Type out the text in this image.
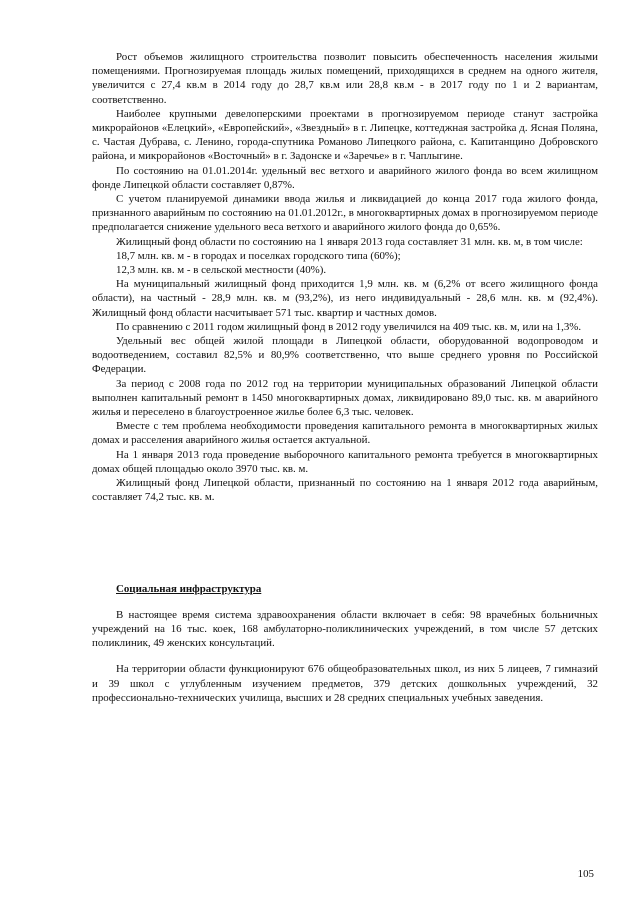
Рост объемов жилищного строительства позволит повысить обеспеченность населения жилыми помещениями. Прогнозируемая площадь жилых помещений, приходящихся в среднем на одного жителя, увеличится с 27,4 кв.м в 2014 году до 28,7 кв.м или 28,8 кв.м - в 2017 году по 1 и 2 вариантам, соответственно.

Наиболее крупными девелоперскими проектами в прогнозируемом периоде станут застройка микрорайонов «Елецкий», «Европейский», «Звездный» в г. Липецке, коттеджная застройка д. Ясная Поляна, с. Частая Дубрава, с. Ленино, города-спутника Романово Липецкого района, с. Капитанщино Добровского района, и микрорайонов «Восточный» в г. Задонске и «Заречье» в г. Чаплыгине.

По состоянию на 01.01.2014г. удельный вес ветхого и аварийного жилого фонда во всем жилищном фонде Липецкой области составляет 0,87%.

С учетом планируемой динамики ввода жилья и ликвидацией до конца 2017 года жилого фонда, признанного аварийным по состоянию на 01.01.2012г., в многоквартирных домах в прогнозируемом периоде предполагается снижение удельного веса ветхого и аварийного жилого фонда до 0,65%.

Жилищный фонд области по состоянию на 1 января 2013 года составляет 31 млн. кв. м, в том числе:

18,7 млн. кв. м - в городах и поселках городского типа (60%);

12,3 млн. кв. м - в сельской местности (40%).

На муниципальный жилищный фонд приходится 1,9 млн. кв. м (6,2% от всего жилищного фонда области), на частный - 28,9 млн. кв. м (93,2%), из него индивидуальный - 28,6 млн. кв. м (92,4%). Жилищный фонд области насчитывает 571 тыс. квартир и частных домов.

По сравнению с 2011 годом жилищный фонд в 2012 году увеличился на 409 тыс. кв. м, или на 1,3%.

Удельный вес общей жилой площади в Липецкой области, оборудованной водопроводом и водоотведением, составил 82,5% и 80,9% соответственно, что выше среднего уровня по Российской Федерации.

За период с 2008 года по 2012 год на территории муниципальных образований Липецкой области выполнен капитальный ремонт в 1450 многоквартирных домах, ликвидировано 89,0 тыс. кв. м аварийного жилья и переселено в благоустроенное жилье более 6,3 тыс. человек.

Вместе с тем проблема необходимости проведения капитального ремонта в многоквартирных жилых домах и расселения аварийного жилья остается актуальной.

На 1 января 2013 года проведение выборочного капитального ремонта требуется в многоквартирных домах общей площадью около 3970 тыс. кв. м.

Жилищный фонд Липецкой области, признанный по состоянию на 1 января 2012 года аварийным, составляет 74,2 тыс. кв. м.

Социальная инфраструктура

В настоящее время система здравоохранения области включает в себя: 98 врачебных больничных учреждений на 16 тыс. коек, 168 амбулаторно-поликлинических учреждений, в том числе 57 детских поликлиник, 49 женских консультаций.

На территории области функционируют 676 общеобразовательных школ, из них 5 лицеев, 7 гимназий и 39 школ с углубленным изучением предметов, 379 детских дошкольных учреждений, 32 профессионально-технических училища, высших и 28 средних специальных учебных заведения.

105
